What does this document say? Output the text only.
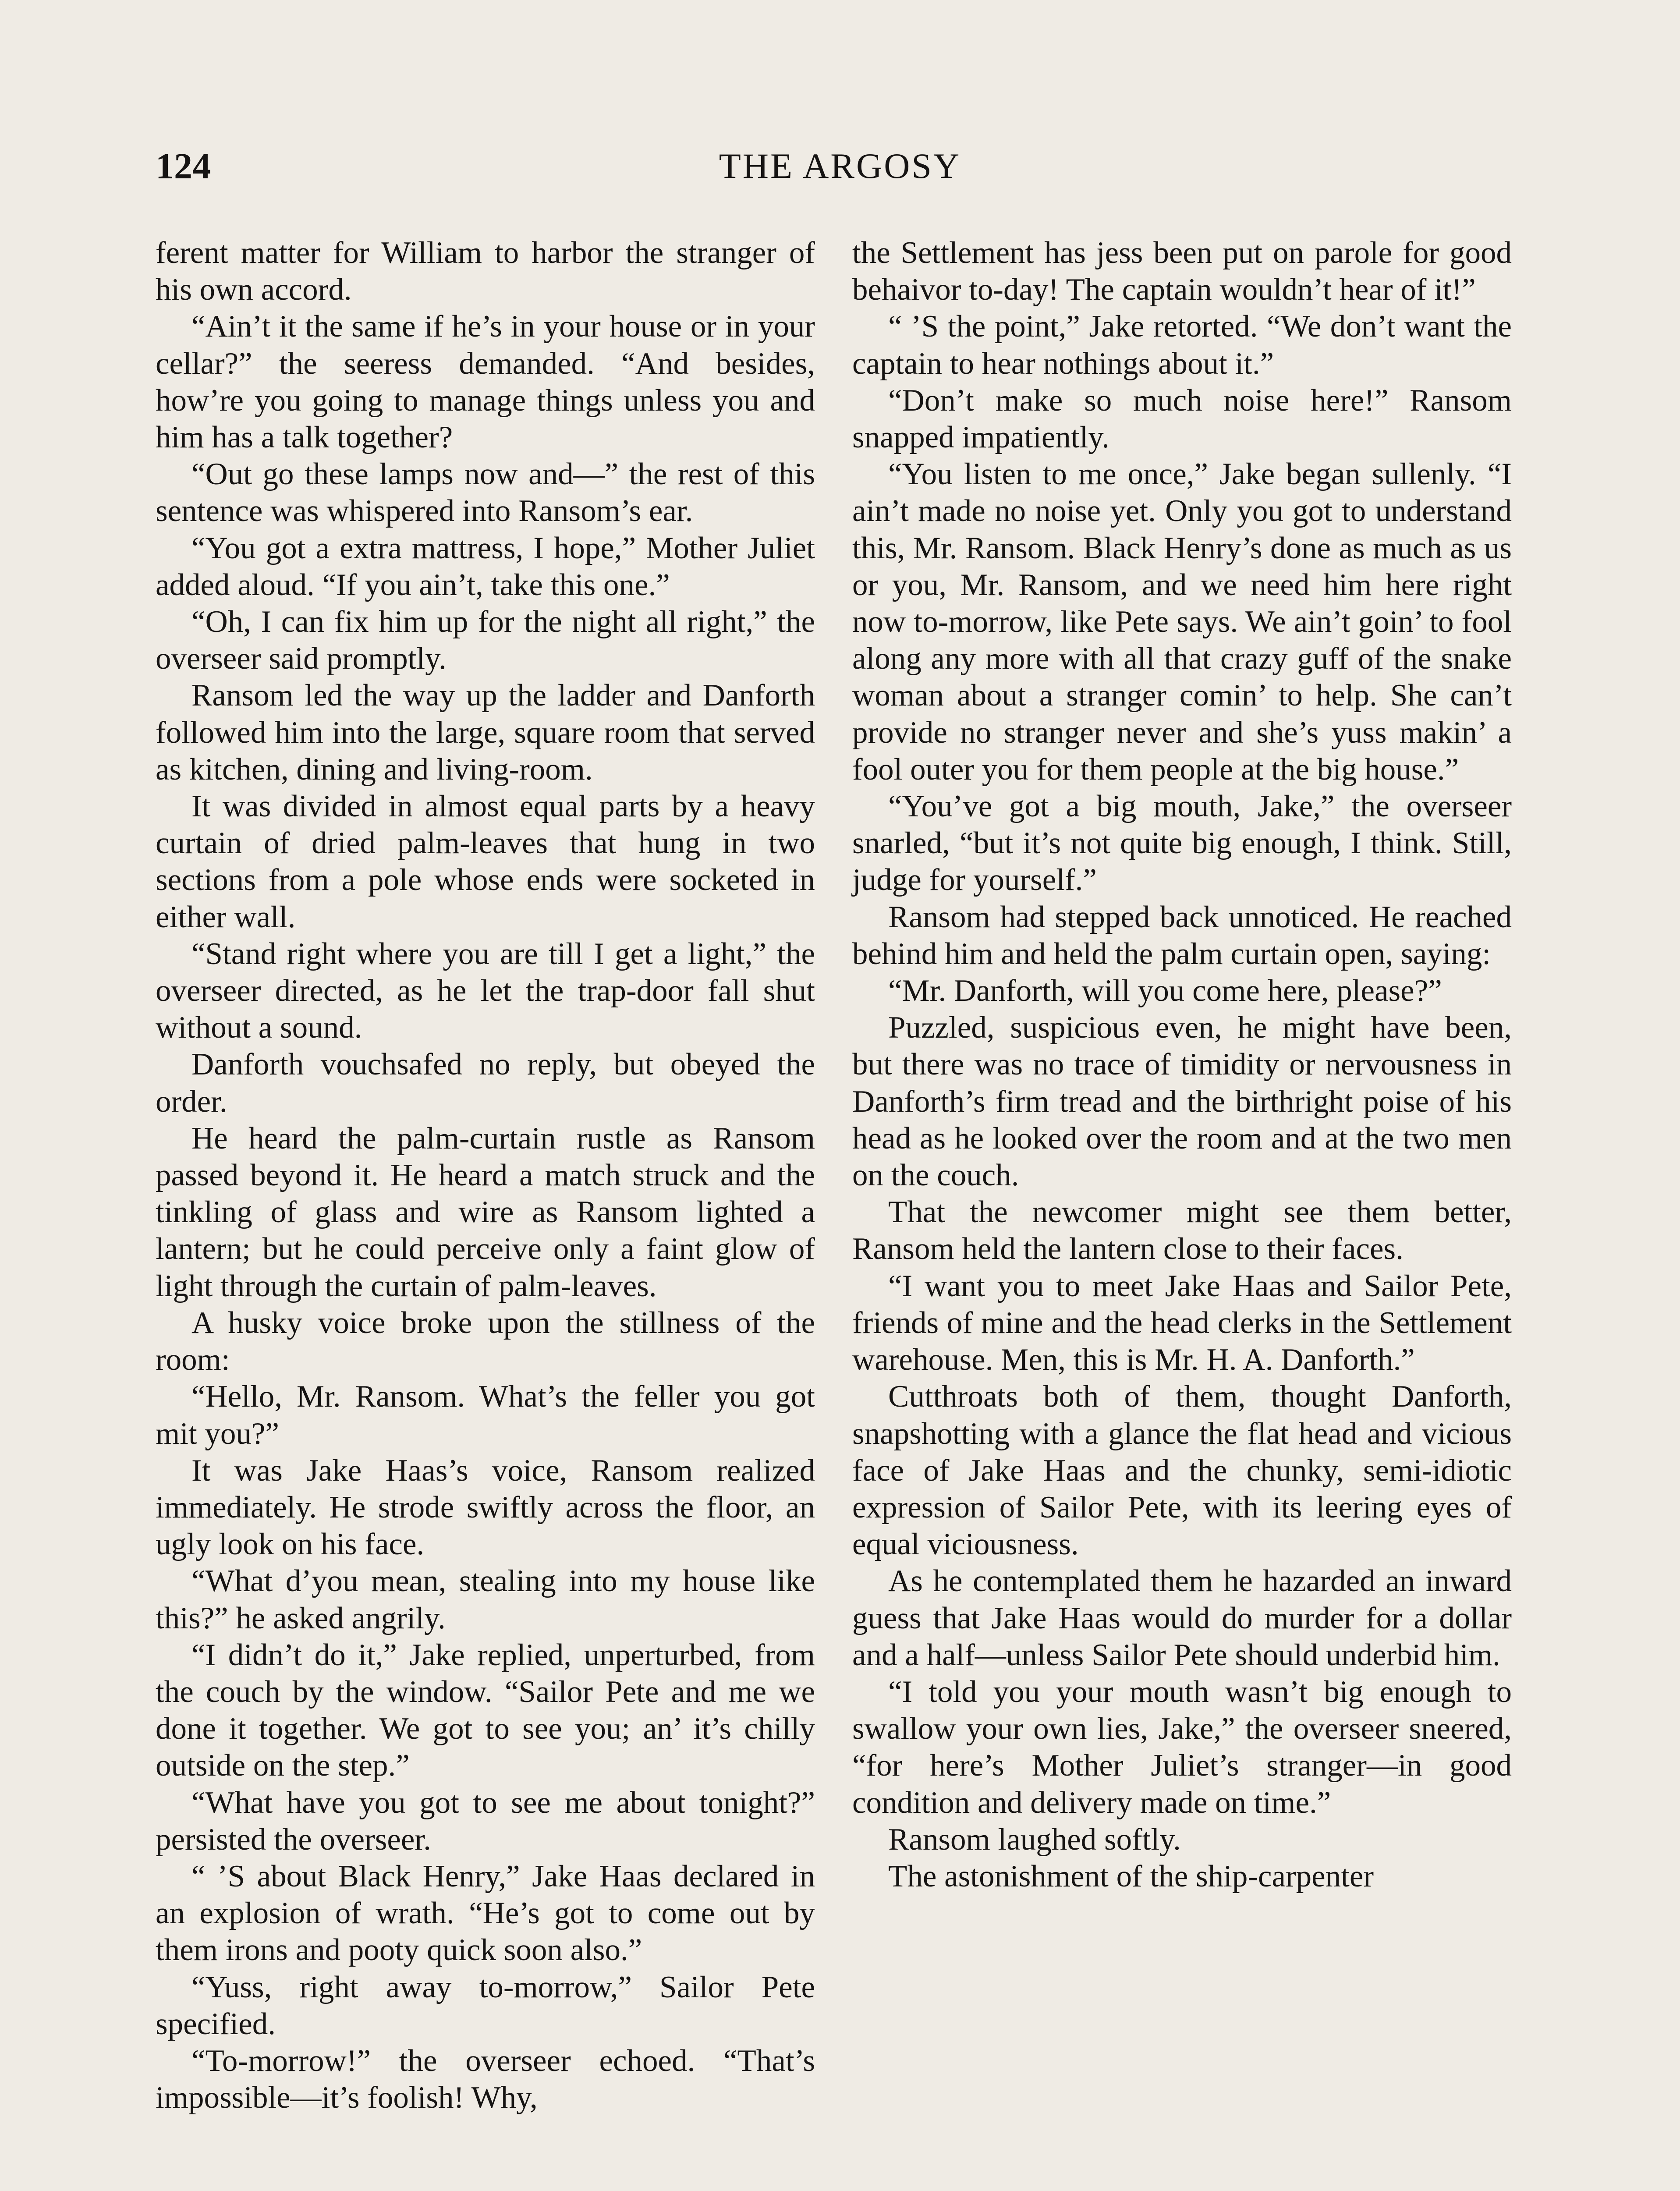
124	THE ARGOSY

ferent matter for William to harbor the stranger of his own accord.

“Ain’t it the same if he’s in your house or in your cellar?” the seeress demanded. “And besides, how’re you going to manage things unless you and him has a talk together?

“Out go these lamps now and—” the rest of this sentence was whispered into Ransom’s ear.

“You got a extra mattress, I hope,” Mother Juliet added aloud. “If you ain’t, take this one.”

“Oh, I can fix him up for the night all right,” the overseer said promptly.

Ransom led the way up the ladder and Danforth followed him into the large, square room that served as kitchen, dining and living-room.

It was divided in almost equal parts by a heavy curtain of dried palm-leaves that hung in two sections from a pole whose ends were socketed in either wall.

“Stand right where you are till I get a light,” the overseer directed, as he let the trap-door fall shut without a sound.

Danforth vouchsafed no reply, but obeyed the order.

He heard the palm-curtain rustle as Ransom passed beyond it. He heard a match struck and the tinkling of glass and wire as Ransom lighted a lantern; but he could perceive only a faint glow of light through the curtain of palm-leaves.

A husky voice broke upon the stillness of the room:

“Hello, Mr. Ransom. What’s the feller you got mit you?”

It was Jake Haas’s voice, Ransom realized immediately. He strode swiftly across the floor, an ugly look on his face.

“What d’you mean, stealing into my house like this?” he asked angrily.

“I didn’t do it,” Jake replied, unperturbed, from the couch by the window. “Sailor Pete and me we done it together. We got to see you; an’ it’s chilly outside on the step.”

“What have you got to see me about tonight?” persisted the overseer.

“ ’S about Black Henry,” Jake Haas declared in an explosion of wrath. “He’s got to come out by them irons and pooty quick soon also.”

“Yuss, right away to-morrow,” Sailor Pete specified.

“To-morrow!” the overseer echoed. “That’s impossible—it’s foolish! Why,

the Settlement has jess been put on parole for good behaivor to-day! The captain wouldn’t hear of it!”

“ ’S the point,” Jake retorted. “We don’t want the captain to hear nothings about it.”

“Don’t make so much noise here!” Ransom snapped impatiently.

“You listen to me once,” Jake began sullenly. “I ain’t made no noise yet. Only you got to understand this, Mr. Ransom. Black Henry’s done as much as us or you, Mr. Ransom, and we need him here right now to-morrow, like Pete says. We ain’t goin’ to fool along any more with all that crazy guff of the snake woman about a stranger comin’ to help. She can’t provide no stranger never and she’s yuss makin’ a fool outer you for them people at the big house.”

“You’ve got a big mouth, Jake,” the overseer snarled, “but it’s not quite big enough, I think. Still, judge for yourself.”

Ransom had stepped back unnoticed. He reached behind him and held the palm curtain open, saying:

“Mr. Danforth, will you come here, please?”

Puzzled, suspicious even, he might have been, but there was no trace of timidity or nervousness in Danforth’s firm tread and the birthright poise of his head as he looked over the room and at the two men on the couch.

That the newcomer might see them better, Ransom held the lantern close to their faces.

“I want you to meet Jake Haas and Sailor Pete, friends of mine and the head clerks in the Settlement warehouse. Men, this is Mr. H. A. Danforth.”

Cutthroats both of them, thought Danforth, snapshotting with a glance the flat head and vicious face of Jake Haas and the chunky, semi-idiotic expression of Sailor Pete, with its leering eyes of equal viciousness.

As he contemplated them he hazarded an inward guess that Jake Haas would do murder for a dollar and a half—unless Sailor Pete should underbid him.

“I told you your mouth wasn’t big enough to swallow your own lies, Jake,” the overseer sneered, “for here’s Mother Juliet’s stranger—in good condition and delivery made on time.”

Ransom laughed softly.

The astonishment of the ship-carpenter
